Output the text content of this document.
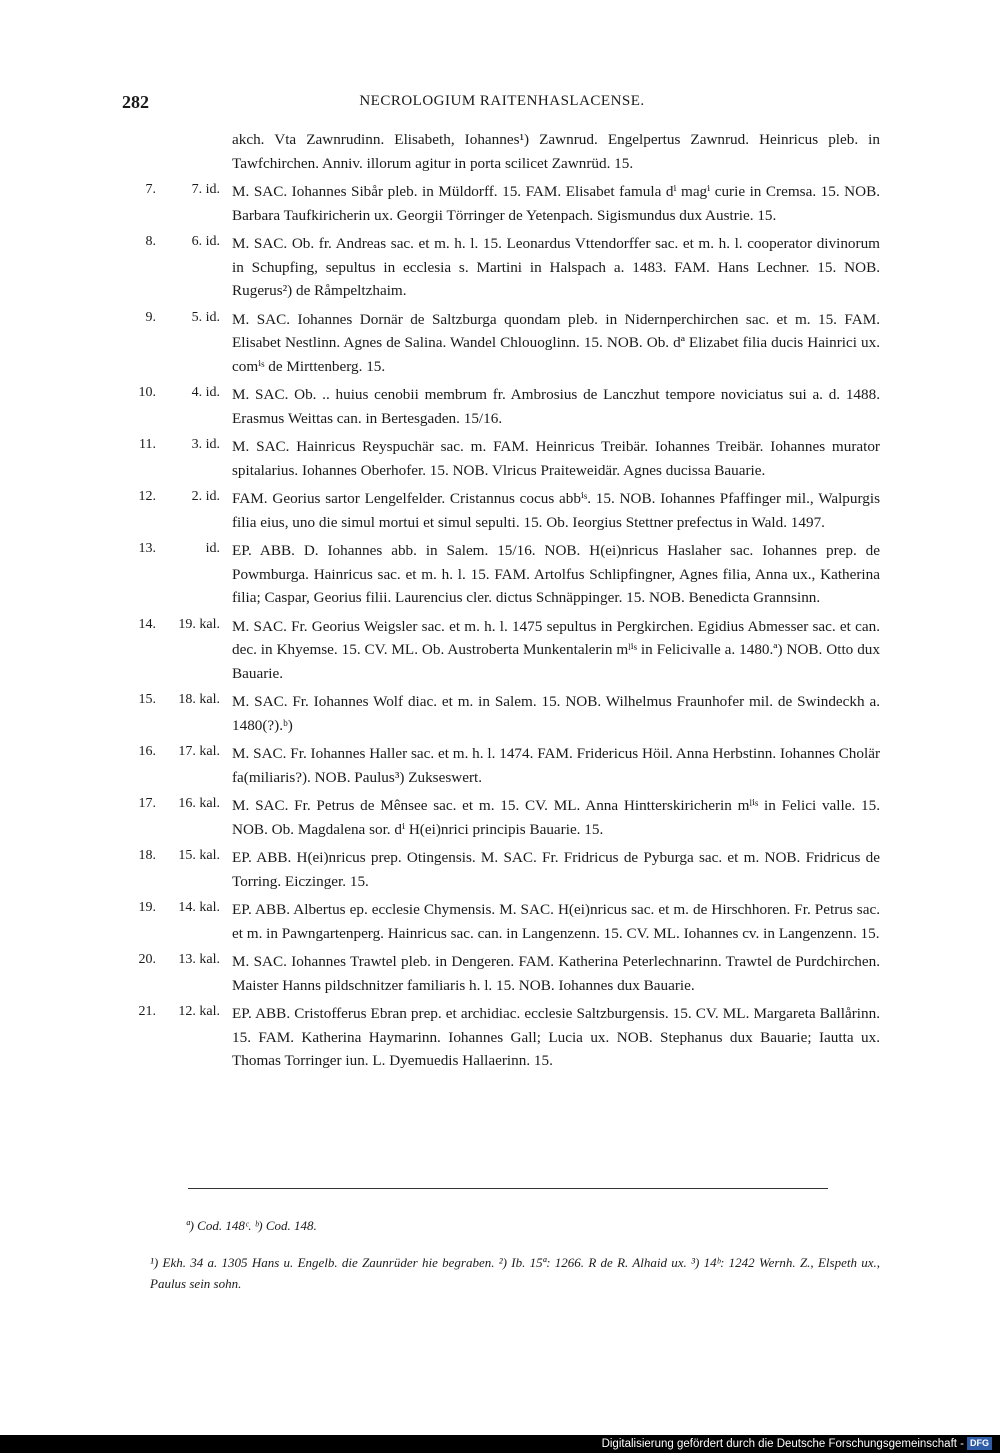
282	NECROLOGIUM RAITENHASLACENSE.
akch. Vta Zawnrudinn. Elisabeth, Iohannes¹) Zawnrud. Engelpertus Zawnrud. Heinricus pleb. in Tawfchirchen. Anniv. illorum agitur in porta scilicet Zawnrüd. 15.
7.	7. id. M. SAC. Iohannes Sibår pleb. in Müldorff. 15. FAM. Elisabet famula dⁱ magⁱ curie in Cremsa. 15. NOB. Barbara Taufkiricherin ux. Georgii Törringer de Yetenpach. Sigismundus dux Austrie. 15.
8.	6. id. M. SAC. Ob. fr. Andreas sac. et m. h. l. 15. Leonardus Vttendorffer sac. et m. h. l. cooperator divinorum in Schupfing, sepultus in ecclesia s. Martini in Halspach a. 1483. FAM. Hans Lechner. 15. NOB. Rugerus²) de Råmpeltzhaim.
9.	5. id. M. SAC. Iohannes Dornär de Saltzburga quondam pleb. in Nidernperchirchen sac. et m. 15. FAM. Elisabet Nestlinn. Agnes de Salina. Wandel Chlouoglinn. 15. NOB. Ob. dª Elizabet filia ducis Hainrici ux. comⁱˢ de Mirttenberg. 15.
10.	4. id. M. SAC. Ob. .. huius cenobii membrum fr. Ambrosius de Lanczhut tempore noviciatus sui a. d. 1488. Erasmus Weittas can. in Bertesgaden. 15/16.
11.	3. id. M. SAC. Hainricus Reyspuchär sac. m. FAM. Heinricus Treibär. Iohannes Treibär. Iohannes murator spitalarius. Iohannes Oberhofer. 15. NOB. Vlricus Praiteweidär. Agnes ducissa Bauarie.
12.	2. id. FAM. Georius sartor Lengelfelder. Cristannus cocus abbⁱˢ. 15. NOB. Iohannes Pfaffinger mil., Walpurgis filia eius, uno die simul mortui et simul sepulti. 15. Ob. Ieorgius Stettner prefectus in Wald. 1497.
13.	id. EP. ABB. D. Iohannes abb. in Salem. 15/16. NOB. H(ei)nricus Haslaher sac. Iohannes prep. de Powmburga. Hainricus sac. et m. h. l. 15. FAM. Artolfus Schlipfingner, Agnes filia, Anna ux., Katherina filia; Caspar, Georius filii. Laurencius cler. dictus Schnäppinger. 15. NOB. Benedicta Grannsinn.
14.	19. kal. M. SAC. Fr. Georius Weigsler sac. et m. h. l. 1475 sepultus in Pergkirchen. Egidius Abmesser sac. et can. dec. in Khyemse. 15. CV. ML. Ob. Austroberta Munkentalerin mˡⁱˢ in Felicivalle a. 1480.ª) NOB. Otto dux Bauarie.
15.	18. kal. M. SAC. Fr. Iohannes Wolf diac. et m. in Salem. 15. NOB. Wilhelmus Fraunhofer mil. de Swindeckh a. 1480(?).ᵇ)
16.	17. kal. M. SAC. Fr. Iohannes Haller sac. et m. h. l. 1474. FAM. Fridericus Höil. Anna Herbstinn. Iohannes Cholär fa(miliaris?). NOB. Paulus³) Zukseswert.
17.	16. kal. M. SAC. Fr. Petrus de Mênsee sac. et m. 15. CV. ML. Anna Hintterskiricherin mˡⁱˢ in Felici valle. 15. NOB. Ob. Magdalena sor. dⁱ H(ei)nrici principis Bauarie. 15.
18.	15. kal. EP. ABB. H(ei)nricus prep. Otingensis. M. SAC. Fr. Fridricus de Pyburga sac. et m. NOB. Fridricus de Torring. Eiczinger. 15.
19.	14. kal. EP. ABB. Albertus ep. ecclesie Chymensis. M. SAC. H(ei)nricus sac. et m. de Hirschhoren. Fr. Petrus sac. et m. in Pawngartenperg. Hainricus sac. can. in Langenzenn. 15. CV. ML. Iohannes cv. in Langenzenn. 15.
20.	13. kal. M. SAC. Iohannes Trawtel pleb. in Dengeren. FAM. Katherina Peterlechnarinn. Trawtel de Purdchirchen. Maister Hanns pildschnitzer familiaris h. l. 15. NOB. Iohannes dux Bauarie.
21.	12. kal. EP. ABB. Cristofferus Ebran prep. et archidiac. ecclesie Saltzburgensis. 15. CV. ML. Margareta Ballårinn. 15. FAM. Katherina Haymarinn. Iohannes Gall; Lucia ux. NOB. Stephanus dux Bauarie; Iautta ux. Thomas Torringer iun. L. Dyemuedis Hallaerinn. 15.
ª) Cod. 148ᶜ. ᵇ) Cod. 148.
¹) Ekh. 34 a. 1305 Hans u. Engelb. die Zaunrüder hie begraben. ²) Ib. 15ª: 1266. R de R. Alhaid ux. ³) 14ᵇ: 1242 Wernh. Z., Elspeth ux., Paulus sein sohn.
Digitalisierung gefördert durch die Deutsche Forschungsgemeinschaft - DFG
